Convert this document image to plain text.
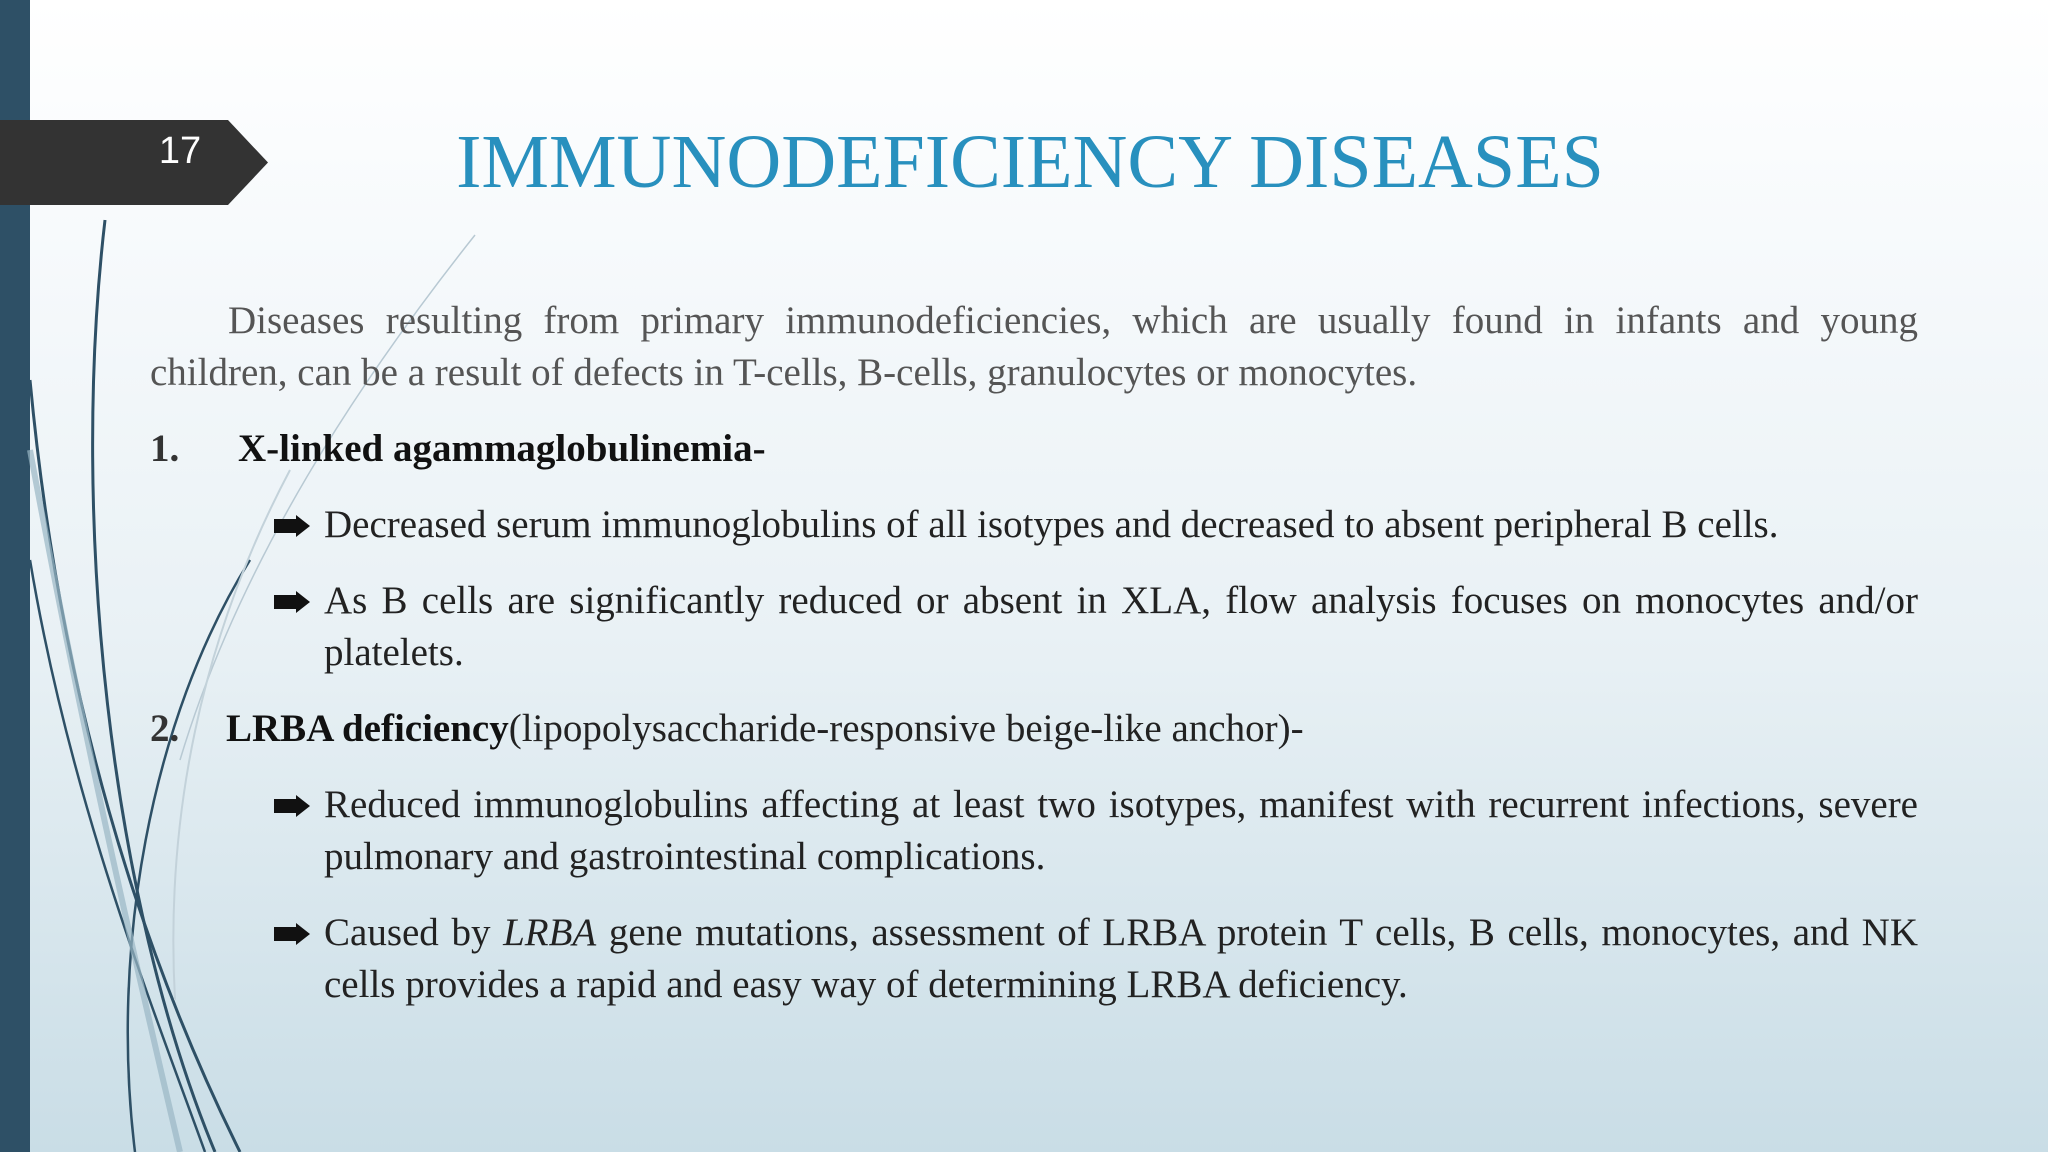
17	IMMUNODEFICIENCY DISEASES

Diseases resulting from primary immunodeficiencies, which are usually found in infants and young children, can be a result of defects in T-cells, B-cells, granulocytes or monocytes.

1. X-linked agammaglobulinemia-
Decreased serum immunoglobulins of all isotypes and decreased to absent peripheral B cells.
As B cells are significantly reduced or absent in XLA, flow analysis focuses on monocytes and/or platelets.
2. LRBA deficiency(lipopolysaccharide-responsive beige-like anchor)-
Reduced immunoglobulins affecting at least two isotypes, manifest with recurrent infections, severe pulmonary and gastrointestinal complications.
Caused by LRBA gene mutations, assessment of LRBA protein T cells, B cells, monocytes, and NK cells provides a rapid and easy way of determining LRBA deficiency.
